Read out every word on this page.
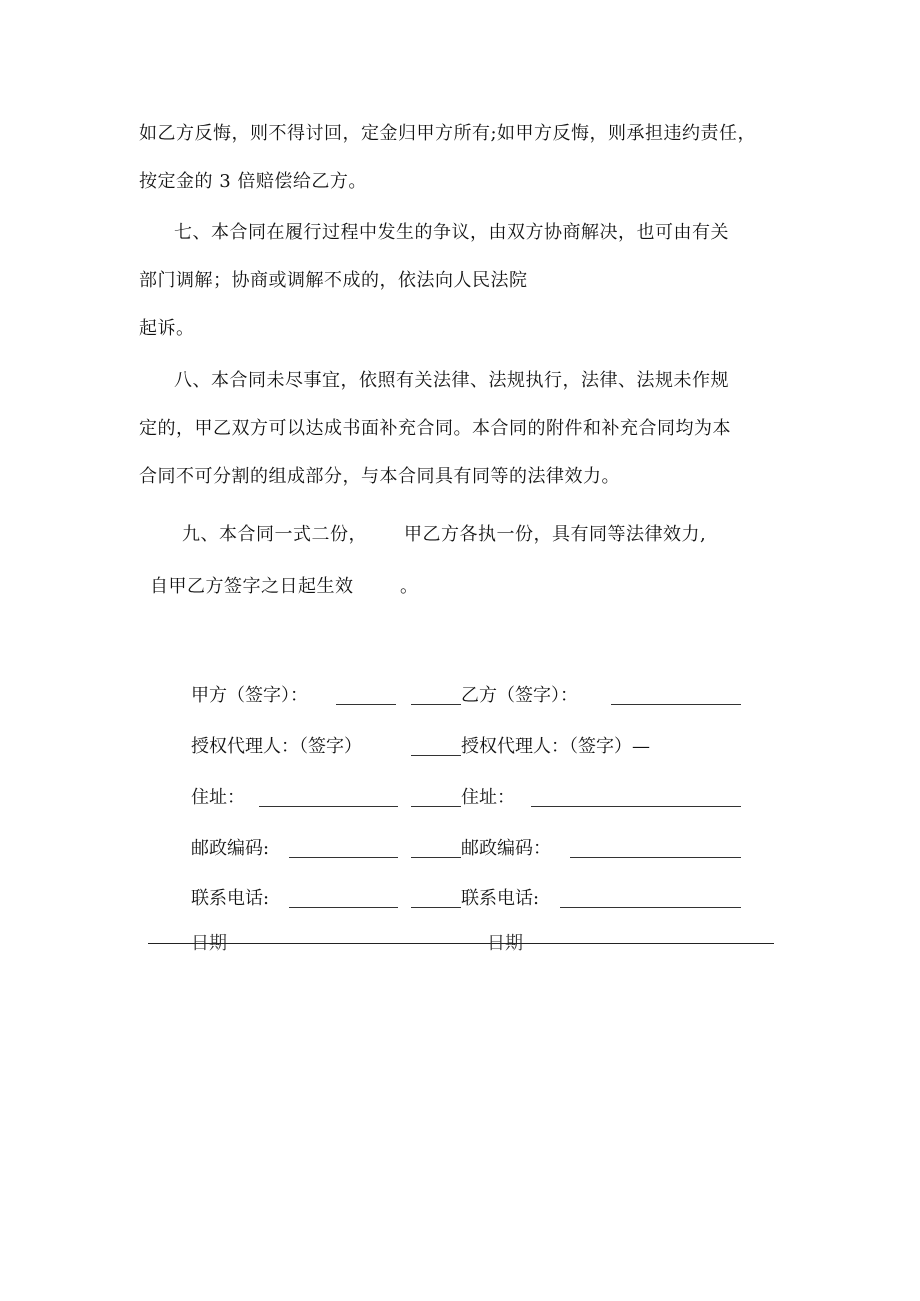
如乙方反悔，则不得讨回，定金归甲方所有;如甲方反悔，则承担违约责任，
按定金的 3 倍赔偿给乙方。
七、本合同在履行过程中发生的争议，由双方协商解决，也可由有关
部门调解；协商或调解不成的，依法向人民法院
起诉。
八、本合同未尽事宜，依照有关法律、法规执行，法律、法规未作规
定的，甲乙双方可以达成书面补充合同。本合同的附件和补充合同均为本
合同不可分割的组成部分，与本合同具有同等的法律效力。
九、本合同一式二份， 甲乙方各执一份，具有同等法律效力,
自甲乙方签字之日起生效	。
甲方（签字）：	乙方（签字）：
授权代理人：（签字）	授权代理人：（签字）—
住址：	住址：
邮政编码:	邮政编码：
联系电话:	联系电话:
日期	日期
